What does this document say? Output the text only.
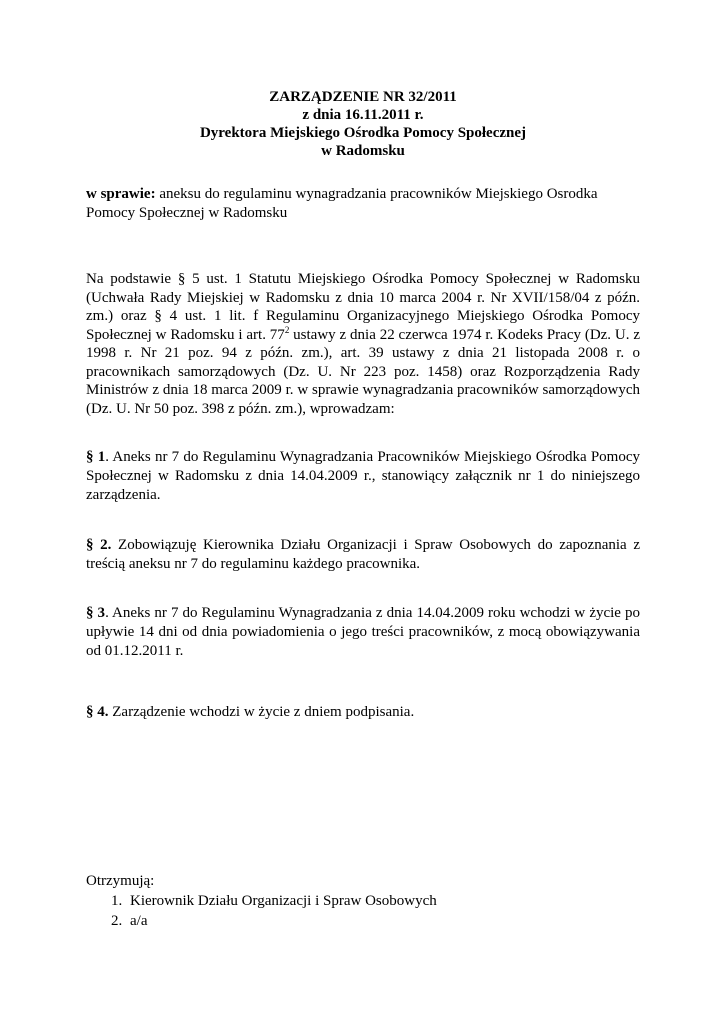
ZARZĄDZENIE NR 32/2011
z dnia 16.11.2011 r.
Dyrektora Miejskiego Ośrodka Pomocy Społecznej
w Radomsku
w sprawie: aneksu do regulaminu wynagradzania pracowników Miejskiego Osrodka Pomocy Społecznej w Radomsku
Na podstawie § 5 ust. 1 Statutu Miejskiego Ośrodka Pomocy Społecznej w Radomsku (Uchwała Rady Miejskiej w Radomsku z dnia 10 marca 2004 r. Nr XVII/158/04 z późn. zm.) oraz § 4 ust. 1 lit. f Regulaminu Organizacyjnego Miejskiego Ośrodka Pomocy Społecznej w Radomsku i art. $77^2$ ustawy z dnia 22 czerwca 1974 r. Kodeks Pracy (Dz. U. z 1998 r. Nr 21 poz. 94 z późn. zm.), art. 39 ustawy z dnia 21 listopada 2008 r. o pracownikach samorządowych (Dz. U. Nr 223 poz. 1458) oraz Rozporządzenia Rady Ministrów z dnia 18 marca 2009 r. w sprawie wynagradzania pracowników samorządowych (Dz. U. Nr 50 poz. 398 z późn. zm.), wprowadzam:
§ 1. Aneks nr 7 do Regulaminu Wynagradzania Pracowników Miejskiego Ośrodka Pomocy Społecznej w Radomsku z dnia 14.04.2009 r., stanowiący załącznik nr 1 do niniejszego zarządzenia.
§ 2. Zobowiązuję Kierownika Działu Organizacji i Spraw Osobowych do zapoznania z treścią aneksu nr 7 do regulaminu każdego pracownika.
§ 3. Aneks nr 7 do Regulaminu Wynagradzania z dnia 14.04.2009 roku wchodzi w życie po upływie 14 dni od dnia powiadomienia o jego treści pracowników, z mocą obowiązywania od 01.12.2011 r.
§ 4. Zarządzenie wchodzi w życie z dniem podpisania.
Otrzymują:
1. Kierownik Działu Organizacji i Spraw Osobowych
2. a/a
